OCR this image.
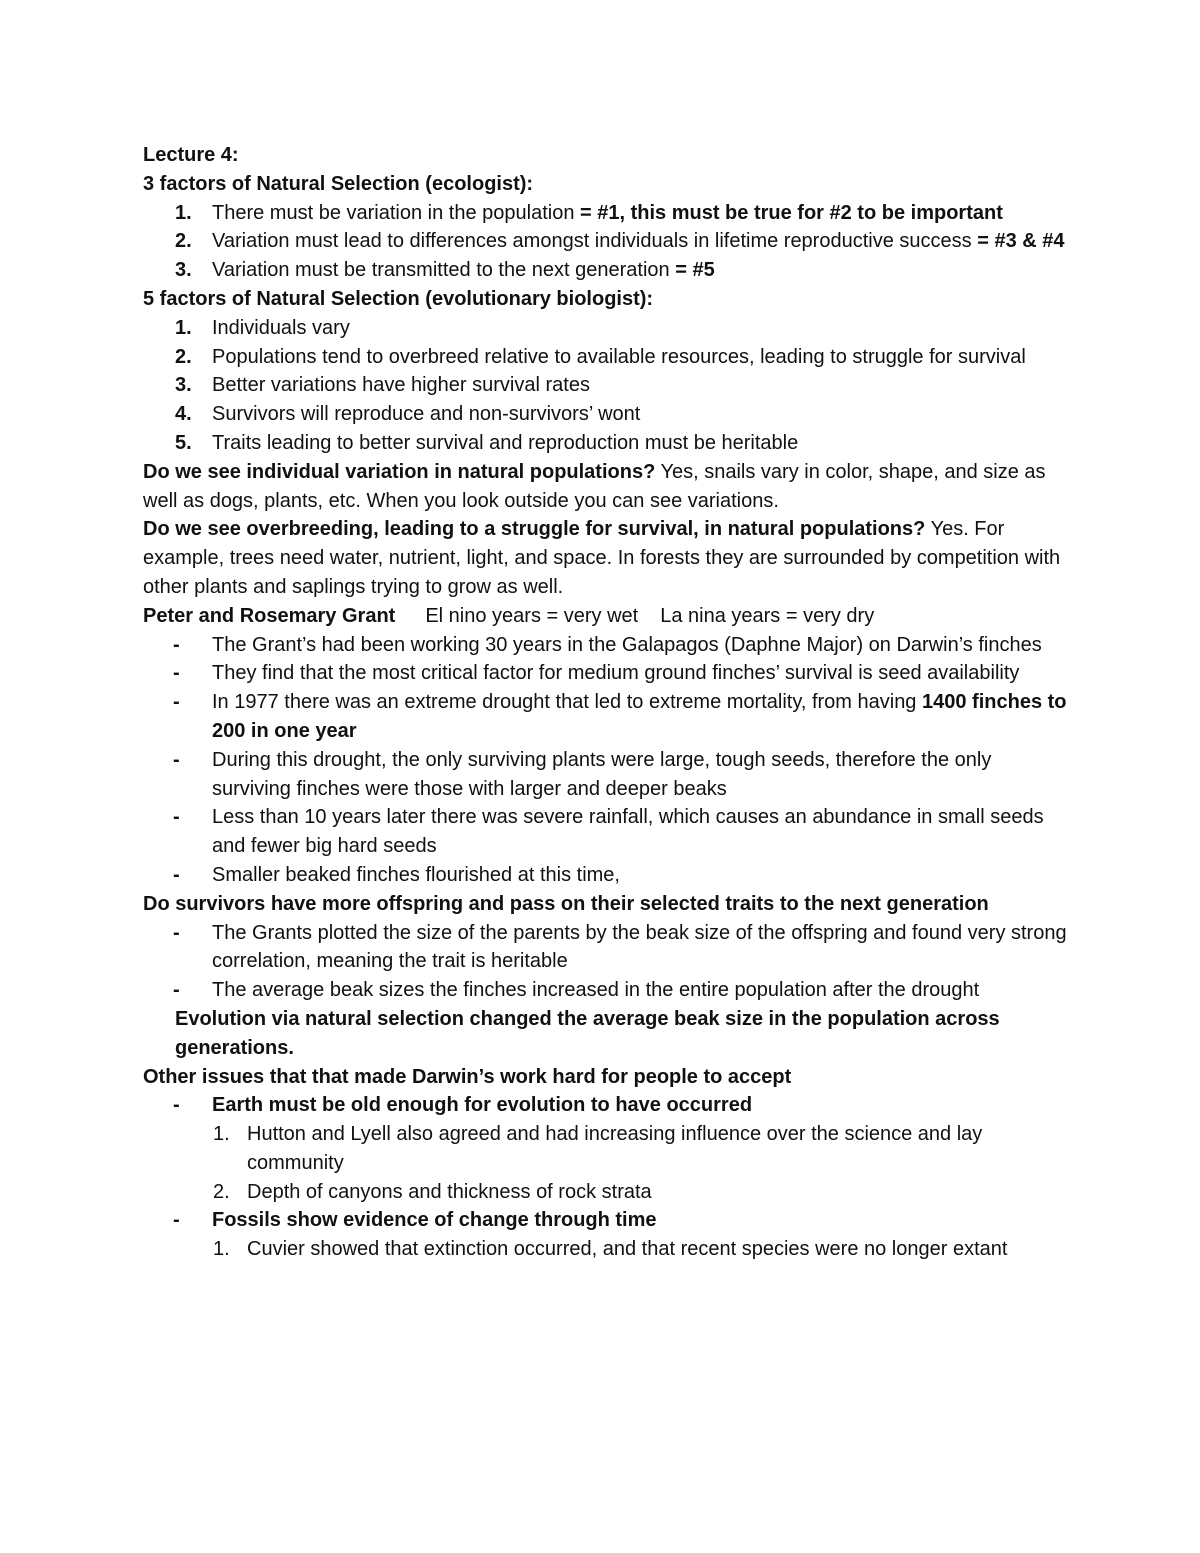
Lecture 4:
3 factors of Natural Selection (ecologist):
1. There must be variation in the population = #1, this must be true for #2 to be important
2. Variation must lead to differences amongst individuals in lifetime reproductive success = #3 & #4
3. Variation must be transmitted to the next generation = #5
5 factors of Natural Selection (evolutionary biologist):
1. Individuals vary
2. Populations tend to overbreed relative to available resources, leading to struggle for survival
3. Better variations have higher survival rates
4. Survivors will reproduce and non-survivors’ wont
5. Traits leading to better survival and reproduction must be heritable
Do we see individual variation in natural populations? Yes, snails vary in color, shape, and size as well as dogs, plants, etc. When you look outside you can see variations.
Do we see overbreeding, leading to a struggle for survival, in natural populations? Yes. For example, trees need water, nutrient, light, and space. In forests they are surrounded by competition with other plants and saplings trying to grow as well.
Peter and Rosemary Grant El nino years = very wet La nina years = very dry
- The Grant’s had been working 30 years in the Galapagos (Daphne Major) on Darwin’s finches
- They find that the most critical factor for medium ground finches’ survival is seed availability
- In 1977 there was an extreme drought that led to extreme mortality, from having 1400 finches to 200 in one year
- During this drought, the only surviving plants were large, tough seeds, therefore the only surviving finches were those with larger and deeper beaks
- Less than 10 years later there was severe rainfall, which causes an abundance in small seeds and fewer big hard seeds
- Smaller beaked finches flourished at this time,
Do survivors have more offspring and pass on their selected traits to the next generation
- The Grants plotted the size of the parents by the beak size of the offspring and found very strong correlation, meaning the trait is heritable
- The average beak sizes the finches increased in the entire population after the drought
Evolution via natural selection changed the average beak size in the population across generations.
Other issues that that made Darwin’s work hard for people to accept
- Earth must be old enough for evolution to have occurred
1. Hutton and Lyell also agreed and had increasing influence over the science and lay community
2. Depth of canyons and thickness of rock strata
- Fossils show evidence of change through time
1. Cuvier showed that extinction occurred, and that recent species were no longer extant
